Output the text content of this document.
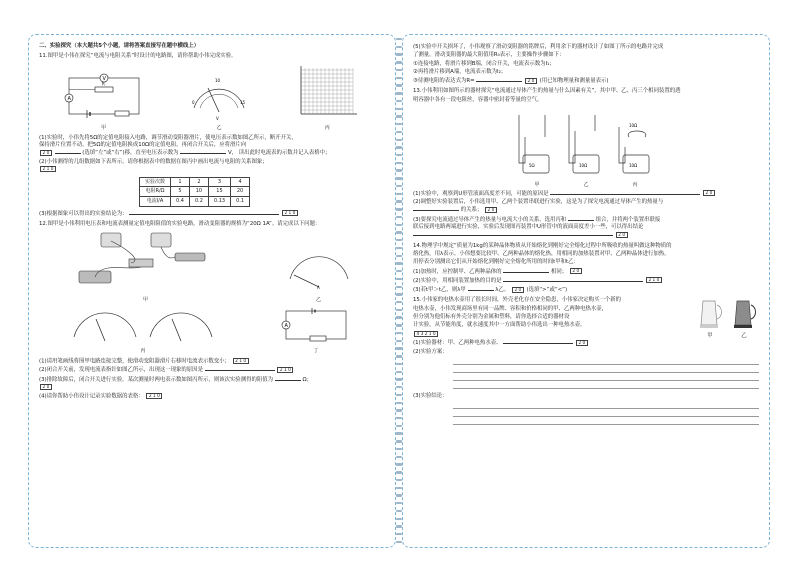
二、实验探究（本大题共5个小题，请将答案直接写在题中横线上）
11.图甲是小伟在探究“电流与电阻关系”时设计的电路图，请你帮助小伟完成实验。
V
R
A
甲
0
10
15
V
乙	丙
(1)实验时，小伟先将5Ω的定值电阻接入电路，调节滑动变阻器滑片，使电压表示数如图乙所示，断开开关，
保持滑片位置不动，把5Ω的定值电阻换成10Ω的定值电阻，再闭合开关后，应将滑片向
2 0	(选填“左”或“右”)移，直至电压表示数为	V， 读出此时电流表的示数并记入表格中；
(2)小伟测得的几组数据如下表所示，请你根据表中的数据在图丙中画出电流与电阻的关系图象；
2 1 0
实验次数	1	2	3	4
电阻R/Ω	5	10	15	20
电流I/A	0.4	0.2	0.13	0.1
(3)根据图象可以得出的实验结论为：	2 1 0
12.图甲是小伟利用电压表和电流表测量定值电阻阻值的实验电路，滑动变阻器的规格为“20Ω 1A”。请完成以下问题：
甲
A
乙
丙
A
丁
(1)请用笔画线将图甲电路连接完整，使滑动变阻器滑片右移时电流表示数变小； 2 1 0
(2)闭合开关前，发现电流表指针如图乙所示，出现这一现象的原因是	2 1 0
(3)排除故障后，闭合开关进行实验。某次测量时两电表示数如图丙所示，则该次实验测得的阻值为	Ω；
2 0
(4)请你帮助小伟设计记录实验数据的表格： 2 1 0
(5)实验中开关损坏了，小伟观察了滑动变阻器的铭牌后，利用余下的器材设计了如图丁所示的电路并完成
了测量，滑动变阻器的最大阻值用R₀表示，主要操作步骤如下：
①连接电路，将滑片移到B端，闭合开关，电流表示数为I₁；
②再将滑片移到A端，电流表示数为I₂；
③待测电阻的表达式为R=	2 0 (用已知物理量和测量量表示)
13.小伟利用如图所示的器材探究“电流通过导体产生的热量与什么因素有关”，其中甲、乙、丙三个相同装置的透
明容器中各有一段电阻丝，容器中密封着等量的空气。
5Ω	10Ω	10Ω
10Ω
甲	乙	丙
(1)实验中，观察到U形管液面高度差不同，可能的原因是	2 0
(2)调整好实验装置后，小伟选用甲、乙两个装置串联进行实验，这是为了探究电流通过导体产生的热量与
的关系； 2 0
(3)要探究电流通过导体产生的热量与电流大小的关系，选用丙和	组合，并将两个装置串联接
联后接到电路两端进行实验，实验后发现图丙装置中U形管中的液面高度差小一些，可以得出结论
2 0
14.物理学中规定“质量为1kg的某种晶体物质从开始熔化到刚好完全熔化过程中所吸收的热量叫做这种物质的
熔化热，用λ表示。小伟想要比较甲、乙两种晶体的熔化热，用相同的加热装置对甲、乙两种晶体进行加热，
用停表分别测出它们从开始熔化到刚好完全熔化所用的时间t甲和t乙：
(1)加热时，应控制甲、乙两种晶体的	相同； 2 0
(2)实验中，用相同装置加热的目的是	2 1 0
(3)若t甲＞t乙，则λ甲	λ乙。 2 0 (选填“>”或“<”)
甲	乙
15.小伟家的电热水壶用了很长时间，外壳老化存在安全隐患，小伟家决定购买一个新的
电热水壶，小伟发现商场里有同一品牌、容积和价格相同的甲、乙两种电热水壶，
但分别为他们标有外壳分别为金属和塑料，请你选择合适的器材设
计实验，从节能角度，就水速度其中一方面帮助小伟选出一种电热水壶。
4 3 2 1 0
(1)实验器材：甲、乙两种电热水壶、	2 0
(2)实验方案：
(3)实验结论：
